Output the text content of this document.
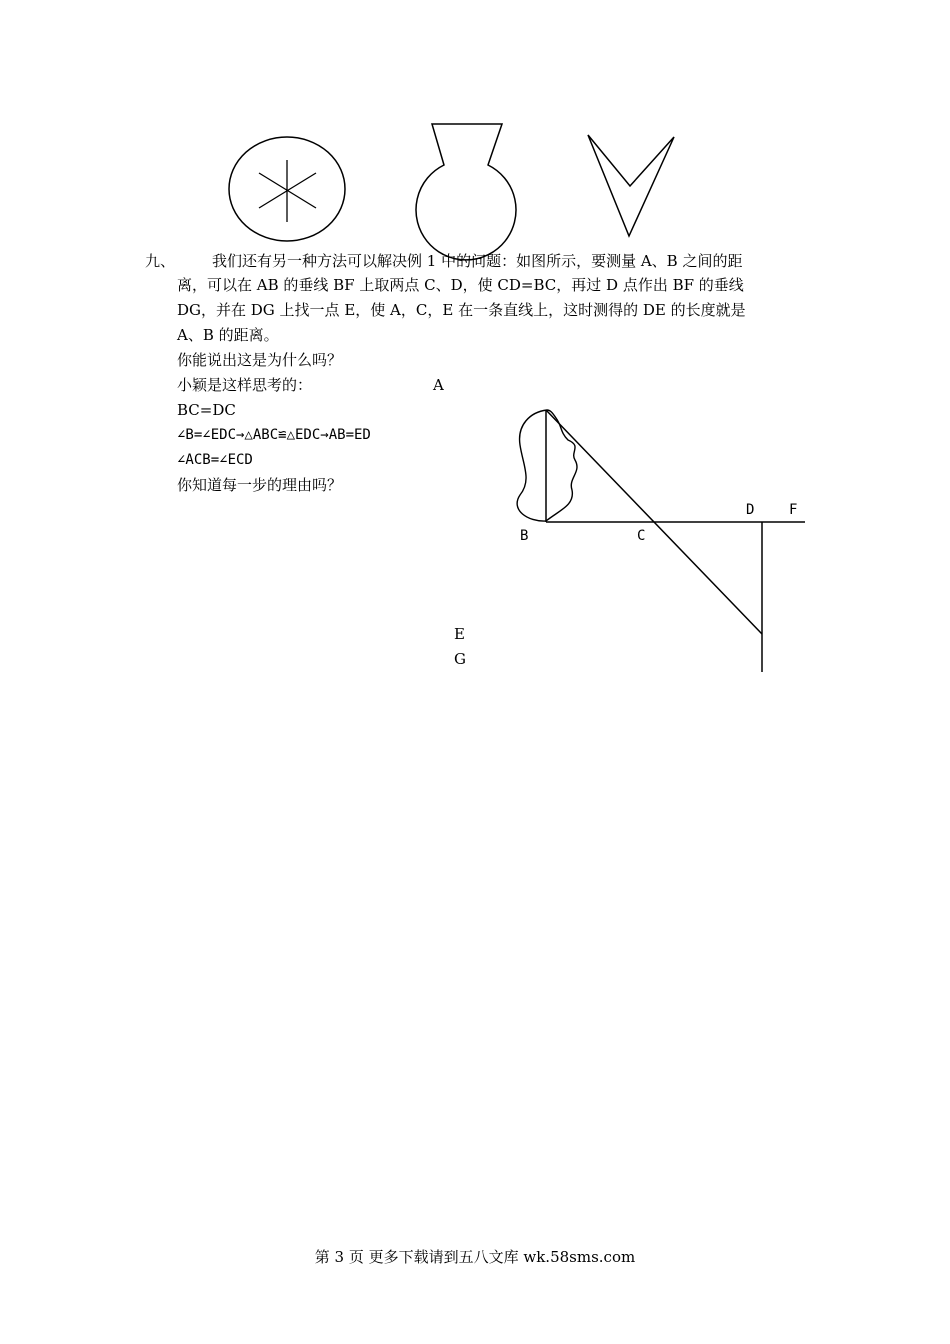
九、 我们还有另一种方法可以解决例 1 中的问题：如图所示，要测量 A、B 之间的距
离，可以在 AB 的垂线 BF 上取两点 C、D，使 CD=BC，再过 D 点作出 BF 的垂线
DG，并在 DG 上找一点 E，使 A，C，E 在一条直线上，这时测得的 DE 的长度就是
A、B 的距离。
你能说出这是为什么吗？
小颖是这样思考的：
BC=DC
∠B=∠EDC→△ABC≌△EDC→AB=ED
∠ACB=∠ECD
你知道每一步的理由吗？
A
B	C
D F
E
G
第 3 页 更多下载请到五八文库 wk.58sms.com
